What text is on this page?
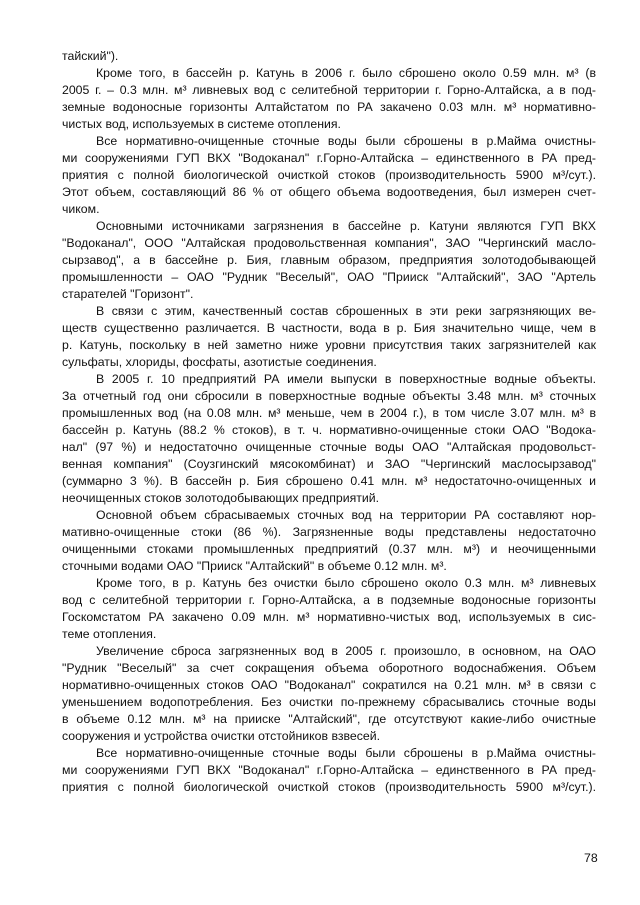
тайский").
Кроме того, в бассейн р. Катунь в 2006 г. было сброшено около 0.59 млн. м³ (в
2005 г. – 0.3 млн. м³ ливневых вод с селитебной территории г. Горно-Алтайска, а в под-
земные водоносные горизонты Алтайстатом по РА закачено 0.03 млн. м³ нормативно-
чистых вод, используемых в системе отопления.
Все нормативно-очищенные сточные воды были сброшены в р.Майма очистны-
ми сооружениями ГУП ВКХ "Водоканал" г.Горно-Алтайска – единственного в РА пред-
приятия с полной биологической очисткой стоков (производительность 5900 м³/сут.).
Этот объем, составляющий 86 % от общего объема водоотведения, был измерен счет-
чиком.
Основными источниками загрязнения в бассейне р. Катуни являются ГУП ВКХ
"Водоканал", ООО "Алтайская продовольственная компания", ЗАО "Чергинский масло-
сырзавод", а в бассейне р. Бия, главным образом, предприятия золотодобывающей
промышленности – ОАО "Рудник "Веселый", ОАО "Прииск "Алтайский", ЗАО "Артель
старателей "Горизонт".
В связи с этим, качественный состав сброшенных в эти реки загрязняющих ве-
ществ существенно различается. В частности, вода в р. Бия значительно чище, чем в
р. Катунь, поскольку в ней заметно ниже уровни присутствия таких загрязнителей как
сульфаты, хлориды, фосфаты, азотистые соединения.
В 2005 г. 10 предприятий РА имели выпуски в поверхностные водные объекты.
За отчетный год они сбросили в поверхностные водные объекты 3.48 млн. м³ сточных
промышленных вод (на 0.08 млн. м³ меньше, чем в 2004 г.), в том числе 3.07 млн. м³ в
бассейн р. Катунь (88.2 % стоков), в т. ч. нормативно-очищенные стоки ОАО "Водока-
нал" (97 %) и недостаточно очищенные сточные воды ОАО "Алтайская продовольст-
венная компания" (Соузгинский мясокомбинат) и ЗАО "Чергинский маслосырзавод"
(суммарно 3 %). В бассейн р. Бия сброшено 0.41 млн. м³ недостаточно-очищенных и
неочищенных стоков золотодобывающих предприятий.
Основной объем сбрасываемых сточных вод на территории РА составляют нор-
мативно-очищенные стоки (86 %). Загрязненные воды представлены недостаточно
очищенными стоками промышленных предприятий (0.37 млн. м³) и неочищенными
сточными водами ОАО "Прииск "Алтайский" в объеме 0.12 млн. м³.
Кроме того, в р. Катунь без очистки было сброшено около 0.3 млн. м³ ливневых
вод с селитебной территории г. Горно-Алтайска, а в подземные водоносные горизонты
Госкомстатом РА закачено 0.09 млн. м³ нормативно-чистых вод, используемых в сис-
теме отопления.
Увеличение сброса загрязненных вод в 2005 г. произошло, в основном, на ОАО
"Рудник "Веселый" за счет сокращения объема оборотного водоснабжения. Объем
нормативно-очищенных стоков ОАО "Водоканал" сократился на 0.21 млн. м³ в связи с
уменьшением водопотребления. Без очистки по-прежнему сбрасывались сточные воды
в объеме 0.12 млн. м³ на прииске "Алтайский", где отсутствуют какие-либо очистные
сооружения и устройства очистки отстойников взвесей.
Все нормативно-очищенные сточные воды были сброшены в р.Майма очистны-
ми сооружениями ГУП ВКХ "Водоканал" г.Горно-Алтайска – единственного в РА пред-
приятия с полной биологической очисткой стоков (производительность 5900 м³/сут.).
78
